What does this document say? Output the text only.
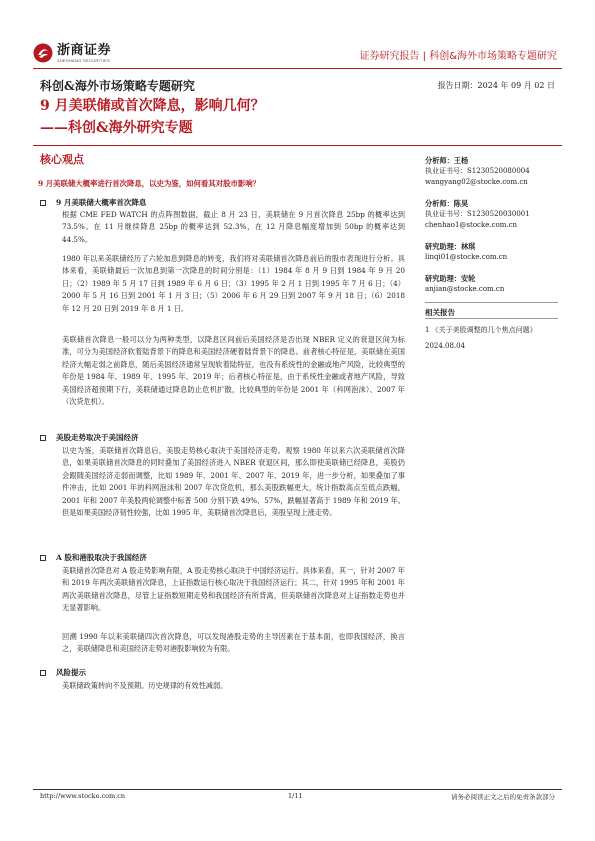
浙商证券
ZHESHANG SECURITIES	证券研究报告 | 科创&海外市场策略专题研究
科创&海外市场策略专题研究	报告日期：2024 年 09 月 02 日
9 月美联储或首次降息，影响几何？
——科创&海外研究专题
核心观点
9 月美联储大概率进行首次降息，以史为鉴，如何看其对股市影响？
9 月美联储大概率首次降息

根据 CME FED WATCH 的点阵图数据，截止 8 月 23 日，美联储在 9 月首次降息 25bp 的概率达到 73.5%。在 11 月继续降息 25bp 的概率达到 52.3%，在 12 月降息幅度增加到 50bp 的概率达到 44.5%。

1980 年以来美联储经历了六轮加息到降息的转变，我们将对美联储首次降息前后的股市表现进行分析。具体来看，美联储最后一次加息到第一次降息的时间分别是：（1）1984 年 8 月 9 日到 1984 年 9 月 20 日；（2）1989 年 5 月 17 日到 1989 年 6 月 6 日；（3）1995 年 2 月 1 日到 1995 年 7 月 6 日；（4）2000 年 5 月 16 日到 2001 年 1 月 3 日；（5）2006 年 6 月 29 日到 2007 年 9 月 18 日；（6）2018 年 12 月 20 日到 2019 年 8 月 1 日。

美联储首次降息一般可以分为两种类型，以降息区间前后美国经济是否出现 NBER 定义的衰退区间为标准，可分为美国经济软着陆背景下的降息和美国经济硬着陆背景下的降息。前者核心特征是，美联储在美国经济大幅走弱之前降息，随后美国经济通常呈现软着陆特征，也没有系统性的金融或地产风险，比较典型的年份是 1984 年、1989 年、1995 年、2019 年；后者核心特征是，由于系统性金融或者地产风险，导致美国经济超预期下行，美联储通过降息防止危机扩散，比较典型的年份是 2001 年（科网泡沫）、2007 年（次贷危机）。

美股走势取决于美国经济

以史为鉴，美联储首次降息后，美股走势核心取决于美国经济走势。观察 1980 年以来六次美联储首次降息，如果美联储首次降息的同时叠加了美国经济进入 NBER 衰退区间，那么即使美联储已经降息，美股仍会跟随美国经济走弱而调整，比如 1989 年、2001 年、2007 年、2019 年，进一步分析，如果叠加了事件冲击，比如 2001 年的科网泡沫和 2007 年次贷危机，那么美股跌幅更大，统计指数高点至低点跌幅，2001 年和 2007 年美股两轮调整中标普 500 分别下跌 49%、57%，跌幅显著高于 1989 年和 2019 年。但是如果美国经济韧性较强，比如 1995 年，美联储首次降息后，美股呈现上涨走势。

A 股和港股取决于我国经济

美联储首次降息对 A 股走势影响有限，A 股走势核心取决于中国经济运行。具体来看，其一，针对 2007 年和 2019 年两次美联储首次降息，上证指数运行核心取决于我国经济运行；其二，针对 1995 年和 2001 年两次美联储首次降息，尽管上证指数短期走势和我国经济有所背离，但美联储首次降息对上证指数走势也并无显著影响。

回溯 1990 年以来美联储四次首次降息，可以发现港股走势的主导因素在于基本面，也即我国经济，换言之，美联储降息和美国经济走势对港股影响较为有限。

风险提示

美联储政策转向不及预期。历史规律的有效性减弱。

分析师：王杨
执业证书号：S1230520080004
wangyang02@stocke.com.cn
分析师：陈昊
执业证书号：S1230520030001
chenhao1@stocke.com.cn
研究助理：林琪
linqi01@stocke.com.cn
研究助理：安轮
anjian@stocke.com.cn
相关报告
1 《关于美股调整的几个焦点问题》 2024.08.04
http://www.stocke.com.cn	1/11	请务必阅读正文之后的免责条款部分
